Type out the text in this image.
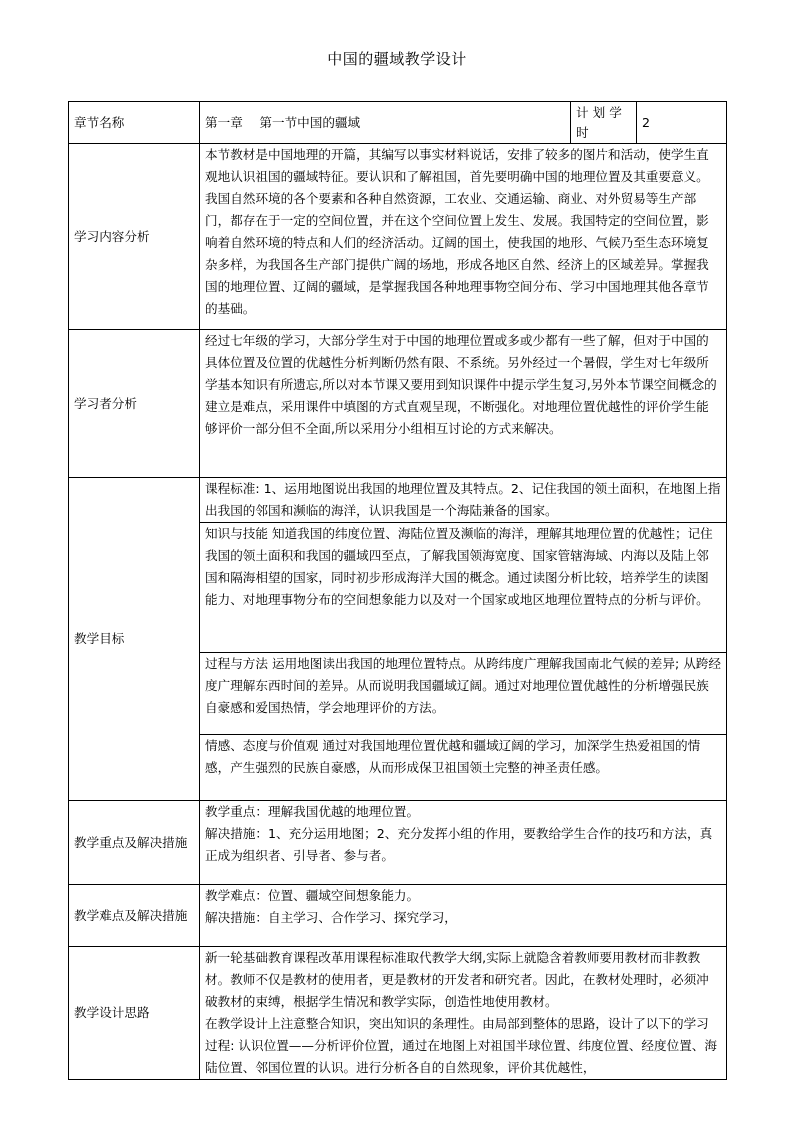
中国的疆域教学设计
章节名称	第一章　 第一节中国的疆域	计 划 学 时	2
学习内容分析	本节教材是中国地理的开篇，其编写以事实材料说话，安排了较多的图片和活动，使学生直观地认识祖国的疆域特征。要认识和了解祖国，首先要明确中国的地理位置及其重要意义。我国自然环境的各个要素和各种自然资源，工农业、交通运输、商业、对外贸易等生产部门，都存在于一定的空间位置，并在这个空间位置上发生、发展。我国特定的空间位置，影响着自然环境的特点和人们的经济活动。辽阔的国土，使我国的地形、气候乃至生态环境复杂多样，为我国各生产部门提供广阔的场地，形成各地区自然、经济上的区域差异。掌握我国的地理位置、辽阔的疆域，是掌握我国各种地理事物空间分布、学习中国地理其他各章节的基础。		
学习者分析	经过七年级的学习，大部分学生对于中国的地理位置或多或少都有一些了解，但对于中国的具体位置及位置的优越性分析判断仍然有限、不系统。另外经过一个暑假，学生对七年级所学基本知识有所遗忘,所以对本节课又要用到知识课件中提示学生复习,另外本节课空间概念的建立是难点，采用课件中填图的方式直观呈现，不断强化。对地理位置优越性的评价学生能够评价一部分但不全面,所以采用分小组相互讨论的方式来解决。		
教学目标	课程标准: 1、运用地图说出我国的地理位置及其特点。2、记住我国的领土面积，在地图上指出我国的邻国和濒临的海洋，认识我国是一个海陆兼备的国家。		
	知识与技能 知道我国的纬度位置、海陆位置及濒临的海洋，理解其地理位置的优越性；记住我国的领土面积和我国的疆域四至点，了解我国领海宽度、国家管辖海域、内海以及陆上邻国和隔海相望的国家，同时初步形成海洋大国的概念。通过读图分析比较，培养学生的读图能力、对地理事物分布的空间想象能力以及对一个国家或地区地理位置特点的分析与评价。		
	过程与方法 运用地图读出我国的地理位置特点。从跨纬度广理解我国南北气候的差异; 从跨经度广理解东西时间的差异。从而说明我国疆域辽阔。通过对地理位置优越性的分析增强民族自豪感和爱国热情，学会地理评价的方法。		
	情感、态度与价值观 通过对我国地理位置优越和疆域辽阔的学习，加深学生热爱祖国的情感，产生强烈的民族自豪感，从而形成保卫祖国领土完整的神圣责任感。		
教学重点及解决措施	教学重点：理解我国优越的地理位置。
解决措施：1、充分运用地图；2、充分发挥小组的作用，要教给学生合作的技巧和方法，真正成为组织者、引导者、参与者。		

教学难点及解决措施	教学难点：位置、疆域空间想象能力。
解决措施：自主学习、合作学习、探究学习，		

教学设计思路	新一轮基础教育课程改革用课程标准取代教学大纲,实际上就隐含着教师要用教材而非教教材。教师不仅是教材的使用者，更是教材的开发者和研究者。因此，在教材处理时，必须冲破教材的束缚，根据学生情况和教学实际，创造性地使用教材。
在教学设计上注意整合知识，突出知识的条理性。由局部到整体的思路，设计了以下的学习过程: 认识位置——分析评价位置，通过在地图上对祖国半球位置、纬度位置、经度位置、海陆位置、邻国位置的认识。进行分析各自的自然现象，评价其优越性，		
